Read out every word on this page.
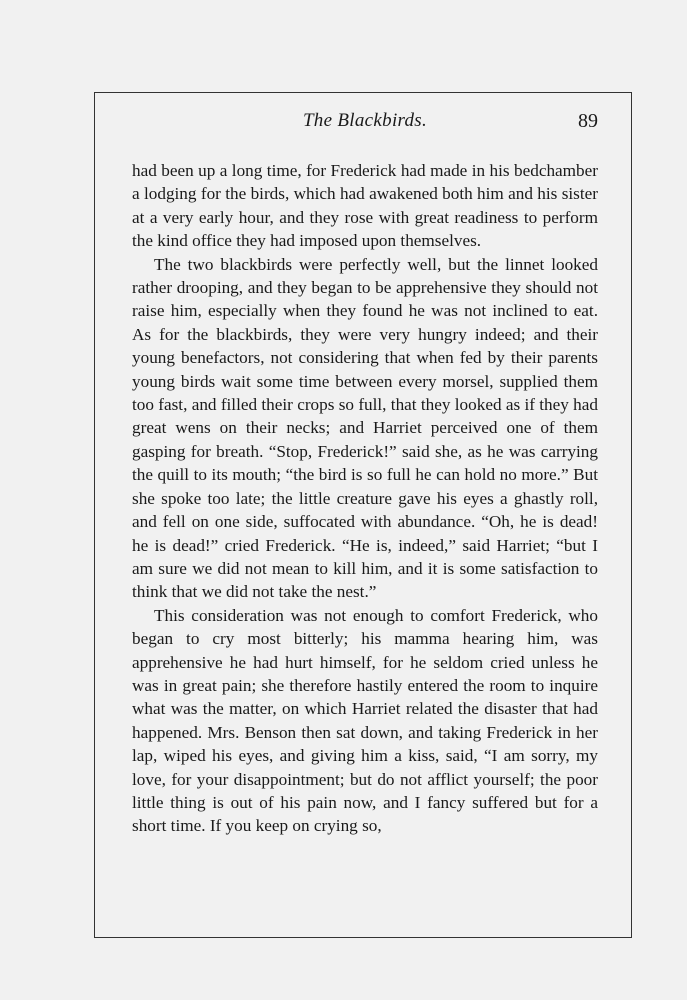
The Blackbirds.	89

had been up a long time, for Frederick had made in his bedchamber a lodging for the birds, which had awakened both him and his sister at a very early hour, and they rose with great readiness to perform the kind office they had imposed upon themselves.

The two blackbirds were perfectly well, but the linnet looked rather drooping, and they began to be apprehensive they should not raise him, especially when they found he was not inclined to eat. As for the blackbirds, they were very hungry indeed; and their young benefactors, not considering that when fed by their parents young birds wait some time between every morsel, supplied them too fast, and filled their crops so full, that they looked as if they had great wens on their necks; and Harriet perceived one of them gasping for breath. “Stop, Frederick!” said she, as he was carrying the quill to its mouth; “the bird is so full he can hold no more.” But she spoke too late; the little creature gave his eyes a ghastly roll, and fell on one side, suffocated with abundance. “Oh, he is dead! he is dead!” cried Frederick. “He is, indeed,” said Harriet; “but I am sure we did not mean to kill him, and it is some satisfaction to think that we did not take the nest.”

This consideration was not enough to comfort Frederick, who began to cry most bitterly; his mamma hearing him, was apprehensive he had hurt himself, for he seldom cried unless he was in great pain; she therefore hastily entered the room to inquire what was the matter, on which Harriet related the disaster that had happened. Mrs. Benson then sat down, and taking Frederick in her lap, wiped his eyes, and giving him a kiss, said, “I am sorry, my love, for your disappointment; but do not afflict yourself; the poor little thing is out of his pain now, and I fancy suffered but for a short time. If you keep on crying so,
